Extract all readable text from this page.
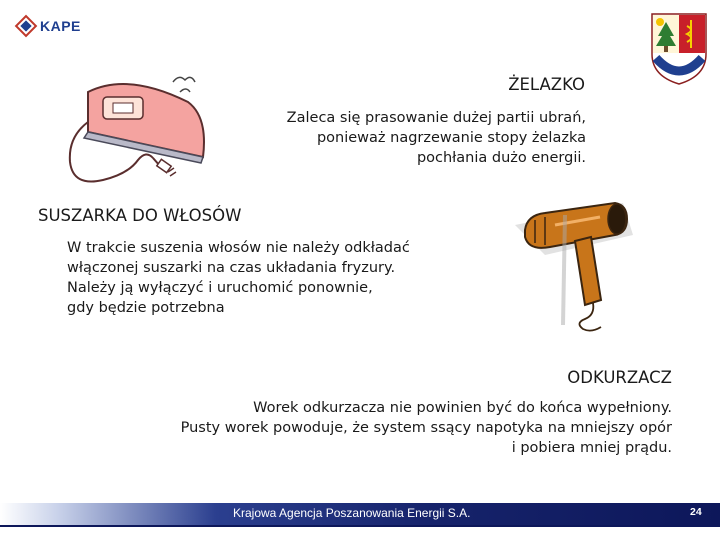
KAPE
ŻELAZKO
Zaleca się prasowanie dużej partii ubrań,
ponieważ nagrzewanie stopy żelazka
pochłania dużo energii.
SUSZARKA DO WŁOSÓW
W trakcie suszenia włosów nie należy odkładać
włączonej suszarki na czas układania fryzury.
Należy ją wyłączyć i uruchomić ponownie,
gdy będzie potrzebna
ODKURZACZ
Worek odkurzacza nie powinien być do końca wypełniony.
Pusty worek powoduje, że system ssący napotyka na mniejszy opór
i pobiera mniej prądu.
Krajowa Agencja Poszanowania Energii S.A.	24
